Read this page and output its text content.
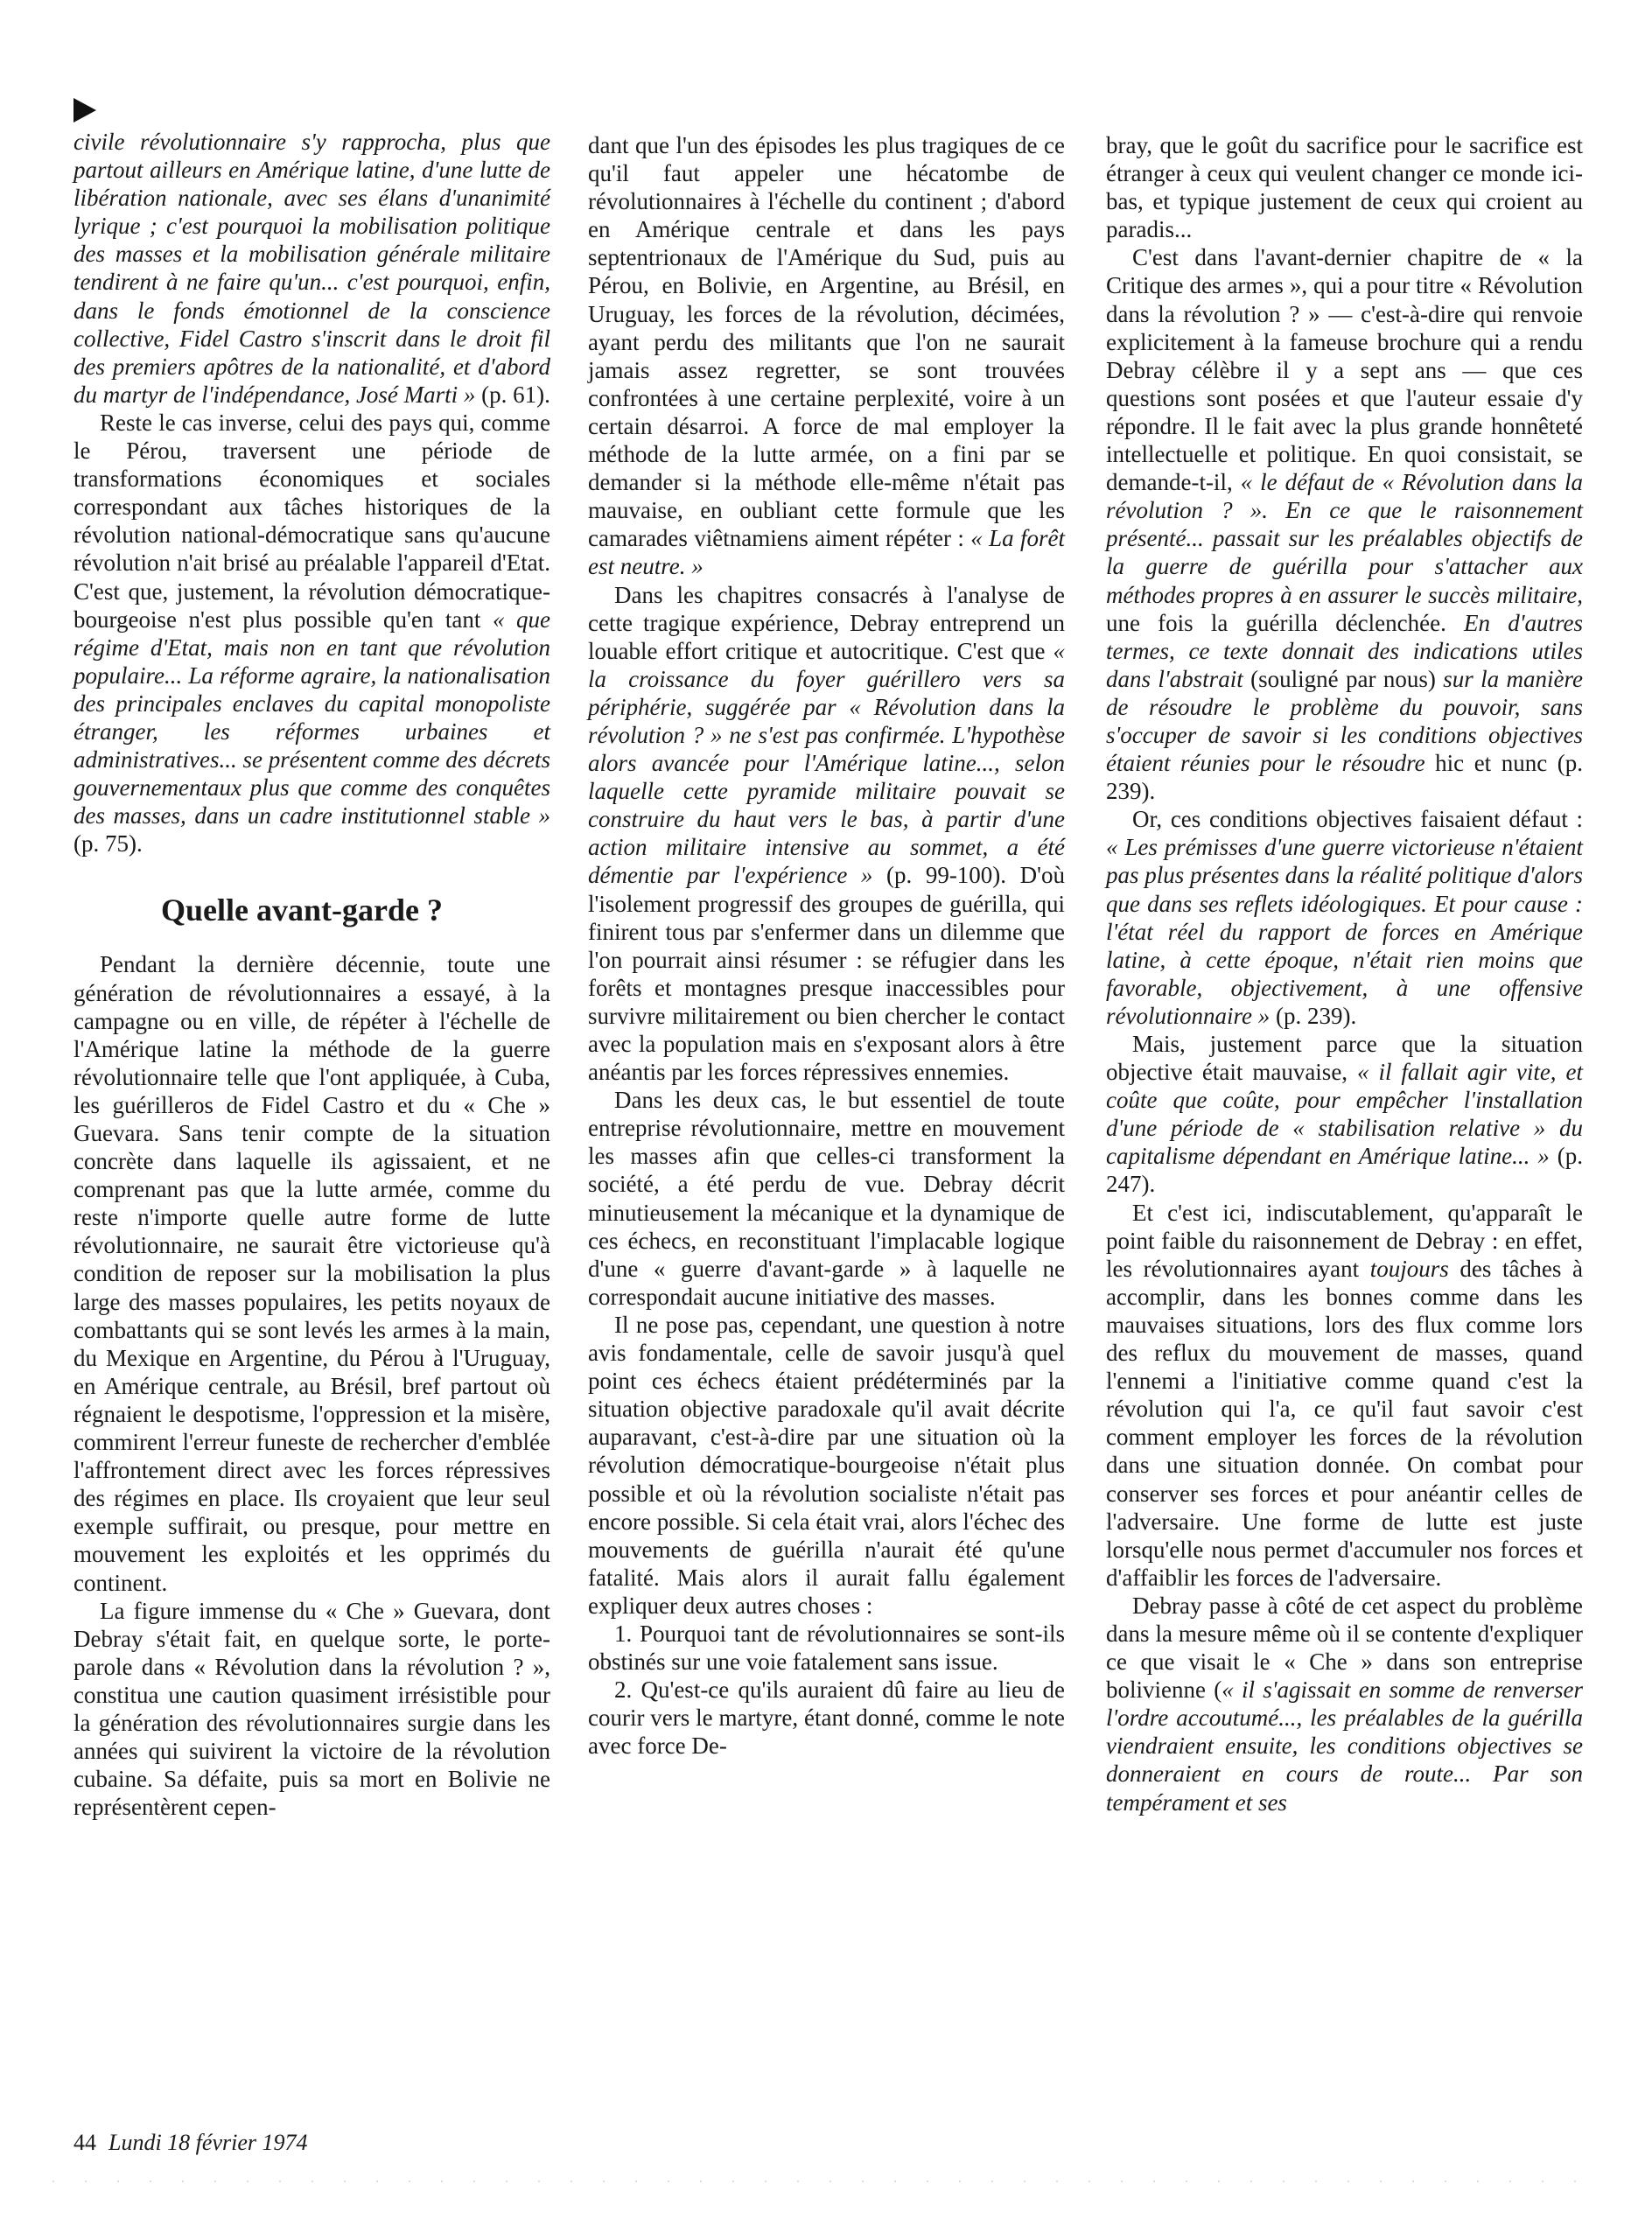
civile révolutionnaire s'y rapprocha, plus que partout ailleurs en Amérique latine, d'une lutte de libération nationale, avec ses élans d'unanimité lyrique ; c'est pourquoi la mobilisation politique des masses et la mobilisation générale militaire tendirent à ne faire qu'un... c'est pourquoi, enfin, dans le fonds émotionnel de la conscience collective, Fidel Castro s'inscrit dans le droit fil des premiers apôtres de la nationalité, et d'abord du martyr de l'indépendance, José Marti » (p. 61).

Reste le cas inverse, celui des pays qui, comme le Pérou, traversent une période de transformations économiques et sociales correspondant aux tâches historiques de la révolution national-démocratique sans qu'aucune révolution n'ait brisé au préalable l'appareil d'Etat. C'est que, justement, la révolution démocratique-bourgeoise n'est plus possible qu'en tant « que régime d'Etat, mais non en tant que révolution populaire... La réforme agraire, la nationalisation des principales enclaves du capital monopoliste étranger, les réformes urbaines et administratives... se présentent comme des décrets gouvernementaux plus que comme des conquêtes des masses, dans un cadre institutionnel stable » (p. 75).

Quelle avant-garde ?

Pendant la dernière décennie, toute une génération de révolutionnaires a essayé, à la campagne ou en ville, de répéter à l'échelle de l'Amérique latine la méthode de la guerre révolutionnaire telle que l'ont appliquée, à Cuba, les guérilleros de Fidel Castro et du « Che » Guevara. Sans tenir compte de la situation concrète dans laquelle ils agissaient, et ne comprenant pas que la lutte armée, comme du reste n'importe quelle autre forme de lutte révolutionnaire, ne saurait être victorieuse qu'à condition de reposer sur la mobilisation la plus large des masses populaires, les petits noyaux de combattants qui se sont levés les armes à la main, du Mexique en Argentine, du Pérou à l'Uruguay, en Amérique centrale, au Brésil, bref partout où régnaient le despotisme, l'oppression et la misère, commirent l'erreur funeste de rechercher d'emblée l'affrontement direct avec les forces répressives des régimes en place. Ils croyaient que leur seul exemple suffirait, ou presque, pour mettre en mouvement les exploités et les opprimés du continent.

La figure immense du « Che » Guevara, dont Debray s'était fait, en quelque sorte, le porte-parole dans « Révolution dans la révolution ? », constitua une caution quasiment irrésistible pour la génération des révolutionnaires surgie dans les années qui suivirent la victoire de la révolution cubaine. Sa défaite, puis sa mort en Bolivie ne représentèrent cepen-

dant que l'un des épisodes les plus tragiques de ce qu'il faut appeler une hécatombe de révolutionnaires à l'échelle du continent ; d'abord en Amérique centrale et dans les pays septentrionaux de l'Amérique du Sud, puis au Pérou, en Bolivie, en Argentine, au Brésil, en Uruguay, les forces de la révolution, décimées, ayant perdu des militants que l'on ne saurait jamais assez regretter, se sont trouvées confrontées à une certaine perplexité, voire à un certain désarroi. A force de mal employer la méthode de la lutte armée, on a fini par se demander si la méthode elle-même n'était pas mauvaise, en oubliant cette formule que les camarades viêtnamiens aiment répéter : « La forêt est neutre. »

Dans les chapitres consacrés à l'analyse de cette tragique expérience, Debray entreprend un louable effort critique et autocritique. C'est que « la croissance du foyer guérillero vers sa périphérie, suggérée par « Révolution dans la révolution ? » ne s'est pas confirmée. L'hypothèse alors avancée pour l'Amérique latine..., selon laquelle cette pyramide militaire pouvait se construire du haut vers le bas, à partir d'une action militaire intensive au sommet, a été démentie par l'expérience » (p. 99-100). D'où l'isolement progressif des groupes de guérilla, qui finirent tous par s'enfermer dans un dilemme que l'on pourrait ainsi résumer : se réfugier dans les forêts et montagnes presque inaccessibles pour survivre militairement ou bien chercher le contact avec la population mais en s'exposant alors à être anéantis par les forces répressives ennemies.

Dans les deux cas, le but essentiel de toute entreprise révolutionnaire, mettre en mouvement les masses afin que celles-ci transforment la société, a été perdu de vue. Debray décrit minutieusement la mécanique et la dynamique de ces échecs, en reconstituant l'implacable logique d'une « guerre d'avant-garde » à laquelle ne correspondait aucune initiative des masses.

Il ne pose pas, cependant, une question à notre avis fondamentale, celle de savoir jusqu'à quel point ces échecs étaient prédéterminés par la situation objective paradoxale qu'il avait décrite auparavant, c'est-à-dire par une situation où la révolution démocratique-bourgeoise n'était plus possible et où la révolution socialiste n'était pas encore possible. Si cela était vrai, alors l'échec des mouvements de guérilla n'aurait été qu'une fatalité. Mais alors il aurait fallu également expliquer deux autres choses :

1. Pourquoi tant de révolutionnaires se sont-ils obstinés sur une voie fatalement sans issue.

2. Qu'est-ce qu'ils auraient dû faire au lieu de courir vers le martyre, étant donné, comme le note avec force De-

bray, que le goût du sacrifice pour le sacrifice est étranger à ceux qui veulent changer ce monde ici-bas, et typique justement de ceux qui croient au paradis...

C'est dans l'avant-dernier chapitre de « la Critique des armes », qui a pour titre « Révolution dans la révolution ? » — c'est-à-dire qui renvoie explicitement à la fameuse brochure qui a rendu Debray célèbre il y a sept ans — que ces questions sont posées et que l'auteur essaie d'y répondre. Il le fait avec la plus grande honnêteté intellectuelle et politique. En quoi consistait, se demande-t-il, « le défaut de « Révolution dans la révolution ? ». En ce que le raisonnement présenté... passait sur les préalables objectifs de la guerre de guérilla pour s'attacher aux méthodes propres à en assurer le succès militaire, une fois la guérilla déclenchée. En d'autres termes, ce texte donnait des indications utiles dans l'abstrait (souligné par nous) sur la manière de résoudre le problème du pouvoir, sans s'occuper de savoir si les conditions objectives étaient réunies pour le résoudre hic et nunc (p. 239).

Or, ces conditions objectives faisaient défaut : « Les prémisses d'une guerre victorieuse n'étaient pas plus présentes dans la réalité politique d'alors que dans ses reflets idéologiques. Et pour cause : l'état réel du rapport de forces en Amérique latine, à cette époque, n'était rien moins que favorable, objectivement, à une offensive révolutionnaire » (p. 239).

Mais, justement parce que la situation objective était mauvaise, « il fallait agir vite, et coûte que coûte, pour empêcher l'installation d'une période de « stabilisation relative » du capitalisme dépendant en Amérique latine... » (p. 247).

Et c'est ici, indiscutablement, qu'apparaît le point faible du raisonnement de Debray : en effet, les révolutionnaires ayant toujours des tâches à accomplir, dans les bonnes comme dans les mauvaises situations, lors des flux comme lors des reflux du mouvement de masses, quand l'ennemi a l'initiative comme quand c'est la révolution qui l'a, ce qu'il faut savoir c'est comment employer les forces de la révolution dans une situation donnée. On combat pour conserver ses forces et pour anéantir celles de l'adversaire. Une forme de lutte est juste lorsqu'elle nous permet d'accumuler nos forces et d'affaiblir les forces de l'adversaire.

Debray passe à côté de cet aspect du problème dans la mesure même où il se contente d'expliquer ce que visait le « Che » dans son entreprise bolivienne (« il s'agissait en somme de renverser l'ordre accoutumé..., les préalables de la guérilla viendraient ensuite, les conditions objectives se donneraient en cours de route... Par son tempérament et ses

44 Lundi 18 février 1974
